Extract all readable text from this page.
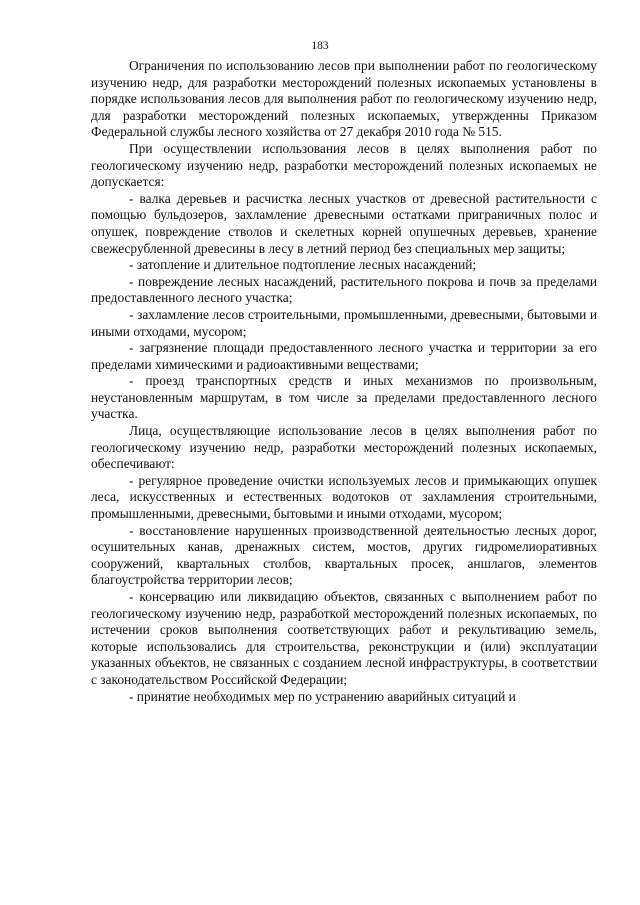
183

Ограничения по использованию лесов при выполнении работ по геологическому изучению недр, для разработки месторождений полезных ископаемых установлены в порядке использования лесов для выполнения работ по геологическому изучению недр, для разработки месторождений полезных ископаемых, утвержденны Приказом Федеральной службы лесного хозяйства от 27 декабря 2010 года № 515.

При осуществлении использования лесов в целях выполнения работ по геологическому изучению недр, разработки месторождений полезных ископаемых не допускается:

- валка деревьев и расчистка лесных участков от древесной растительности с помощью бульдозеров, захламление древесными остатками приграничных полос и опушек, повреждение стволов и скелетных корней опушечных деревьев, хранение свежесрубленной древесины в лесу в летний период без специальных мер защиты;

- затопление и длительное подтопление лесных насаждений;

- повреждение лесных насаждений, растительного покрова и почв за пределами предоставленного лесного участка;

- захламление лесов строительными, промышленными, древесными, бытовыми и иными отходами, мусором;

- загрязнение площади предоставленного лесного участка и территории за его пределами химическими и радиоактивными веществами;

- проезд транспортных средств и иных механизмов по произвольным, неустановленным маршрутам, в том числе за пределами предоставленного лесного участка.

Лица, осуществляющие использование лесов в целях выполнения работ по геологическому изучению недр, разработки месторождений полезных ископаемых, обеспечивают:

- регулярное проведение очистки используемых лесов и примыкающих опушек леса, искусственных и естественных водотоков от захламления строительными, промышленными, древесными, бытовыми и иными отходами, мусором;

- восстановление нарушенных производственной деятельностью лесных дорог, осушительных канав, дренажных систем, мостов, других гидромелиоративных сооружений, квартальных столбов, квартальных просек, аншлагов, элементов благоустройства территории лесов;

- консервацию или ликвидацию объектов, связанных с выполнением работ по геологическому изучению недр, разработкой месторождений полезных ископаемых, по истечении сроков выполнения соответствующих работ и рекультивацию земель, которые использовались для строительства, реконструкции и (или) эксплуатации указанных объектов, не связанных с созданием лесной инфраструктуры, в соответствии с законодательством Российской Федерации;

- принятие необходимых мер по устранению аварийных ситуаций и
